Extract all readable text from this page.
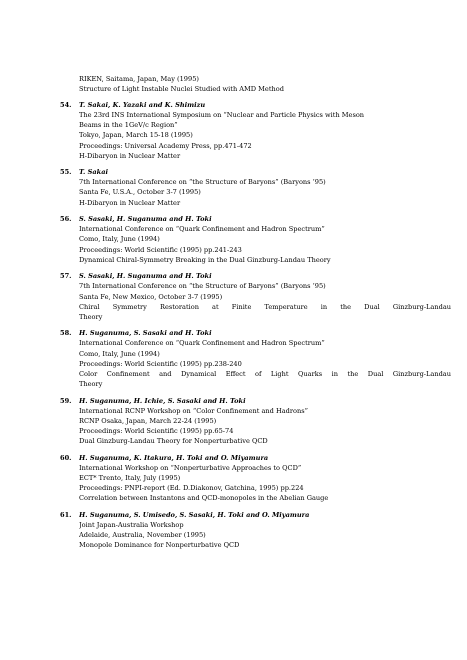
RIKEN, Saitama, Japan, May (1995)
Structure of Light Instable Nuclei Studied with AMD Method
54. T. Sakai, K. Yazaki and K. Shimizu
The 23rd INS International Symposium on “Nuclear and Particle Physics with Meson
Beams in the 1GeV/c Region”
Tokyo, Japan, March 15-18 (1995)
Proceedings: Universal Academy Press, pp.471-472
H-Dibaryon in Nuclear Matter
55. T. Sakai
7th International Conference on “the Structure of Baryons” (Baryons ’95)
Santa Fe, U.S.A., October 3-7 (1995)
H-Dibaryon in Nuclear Matter
56. S. Sasaki, H. Suganuma and H. Toki
International Conference on “Quark Confinement and Hadron Spectrum”
Como, Italy, June (1994)
Proceedings: World Scientific (1995) pp.241-243
Dynamical Chiral-Symmetry Breaking in the Dual Ginzburg-Landau Theory
57. S. Sasaki, H. Suganuma and H. Toki
7th International Conference on “the Structure of Baryons” (Baryons ’95)
Santa Fe, New Mexico, October 3-7 (1995)
Chiral Symmetry Restoration at Finite Temperature in the Dual Ginzburg-Landau
Theory
58. H. Suganuma, S. Sasaki and H. Toki
International Conference on “Quark Confinement and Hadron Spectrum”
Como, Italy, June (1994)
Proceedings: World Scientific (1995) pp.238-240
Color Confinement and Dynamical Effect of Light Quarks in the Dual Ginzburg-Landau
Theory
59. H. Suganuma, H. Ichie, S. Sasaki and H. Toki
International RCNP Workshop on “Color Confinement and Hadrons”
RCNP Osaka, Japan, March 22-24 (1995)
Proceedings: World Scientific (1995) pp.65-74
Dual Ginzburg-Landau Theory for Nonperturbative QCD
60. H. Suganuma, K. Itakura, H. Toki and O. Miyamura
International Workshop on “Nonperturbative Approaches to QCD”
ECT* Trento, Italy, July (1995)
Proceedings: PNPI-report (Ed. D.Diakonov, Gatchina, 1995) pp.224
Correlation between Instantons and QCD-monopoles in the Abelian Gauge
61. H. Suganuma, S. Umisedo, S. Sasaki, H. Toki and O. Miyamura
Joint Japan-Australia Workshop
Adelaide, Australia, November (1995)
Monopole Dominance for Nonperturbative QCD
